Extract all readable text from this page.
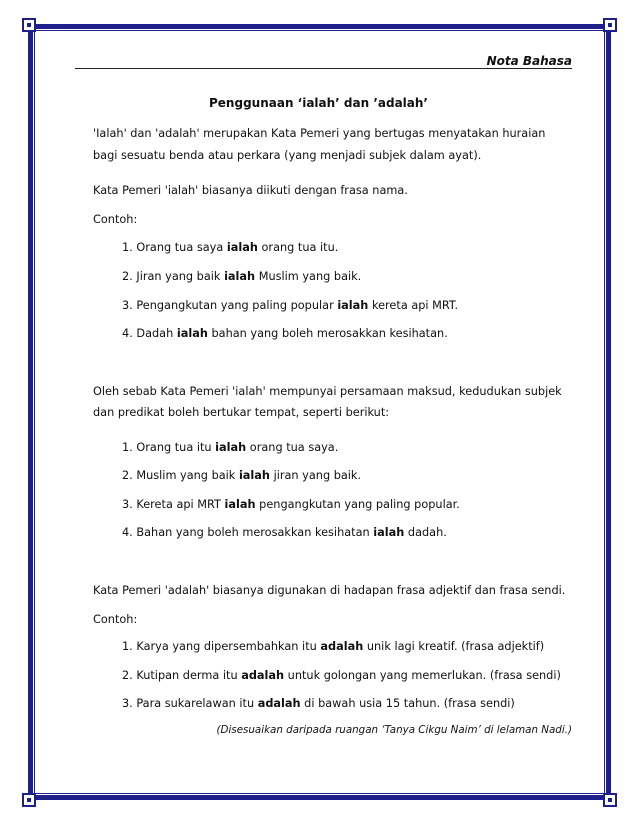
Nota Bahasa
Penggunaan ‘ialah’ dan ’adalah’
'Ialah' dan 'adalah' merupakan Kata Pemeri yang bertugas menyatakan huraian
bagi sesuatu benda atau perkara (yang menjadi subjek dalam ayat).
Kata Pemeri 'ialah' biasanya diikuti dengan frasa nama.
Contoh:
1. Orang tua saya ialah orang tua itu.
2. Jiran yang baik ialah Muslim yang baik.
3. Pengangkutan yang paling popular ialah kereta api MRT.
4. Dadah ialah bahan yang boleh merosakkan kesihatan.
Oleh sebab Kata Pemeri 'ialah' mempunyai persamaan maksud, kedudukan subjek
dan predikat boleh bertukar tempat, seperti berikut:
1. Orang tua itu ialah orang tua saya.
2. Muslim yang baik ialah jiran yang baik.
3. Kereta api MRT ialah pengangkutan yang paling popular.
4. Bahan yang boleh merosakkan kesihatan ialah dadah.
Kata Pemeri 'adalah' biasanya digunakan di hadapan frasa adjektif dan frasa sendi.
Contoh:
1. Karya yang dipersembahkan itu adalah unik lagi kreatif. (frasa adjektif)
2. Kutipan derma itu adalah untuk golongan yang memerlukan. (frasa sendi)
3. Para sukarelawan itu adalah di bawah usia 15 tahun. (frasa sendi)
(Disesuaikan daripada ruangan ‘Tanya Cikgu Naim’ di lelaman Nadi.)
